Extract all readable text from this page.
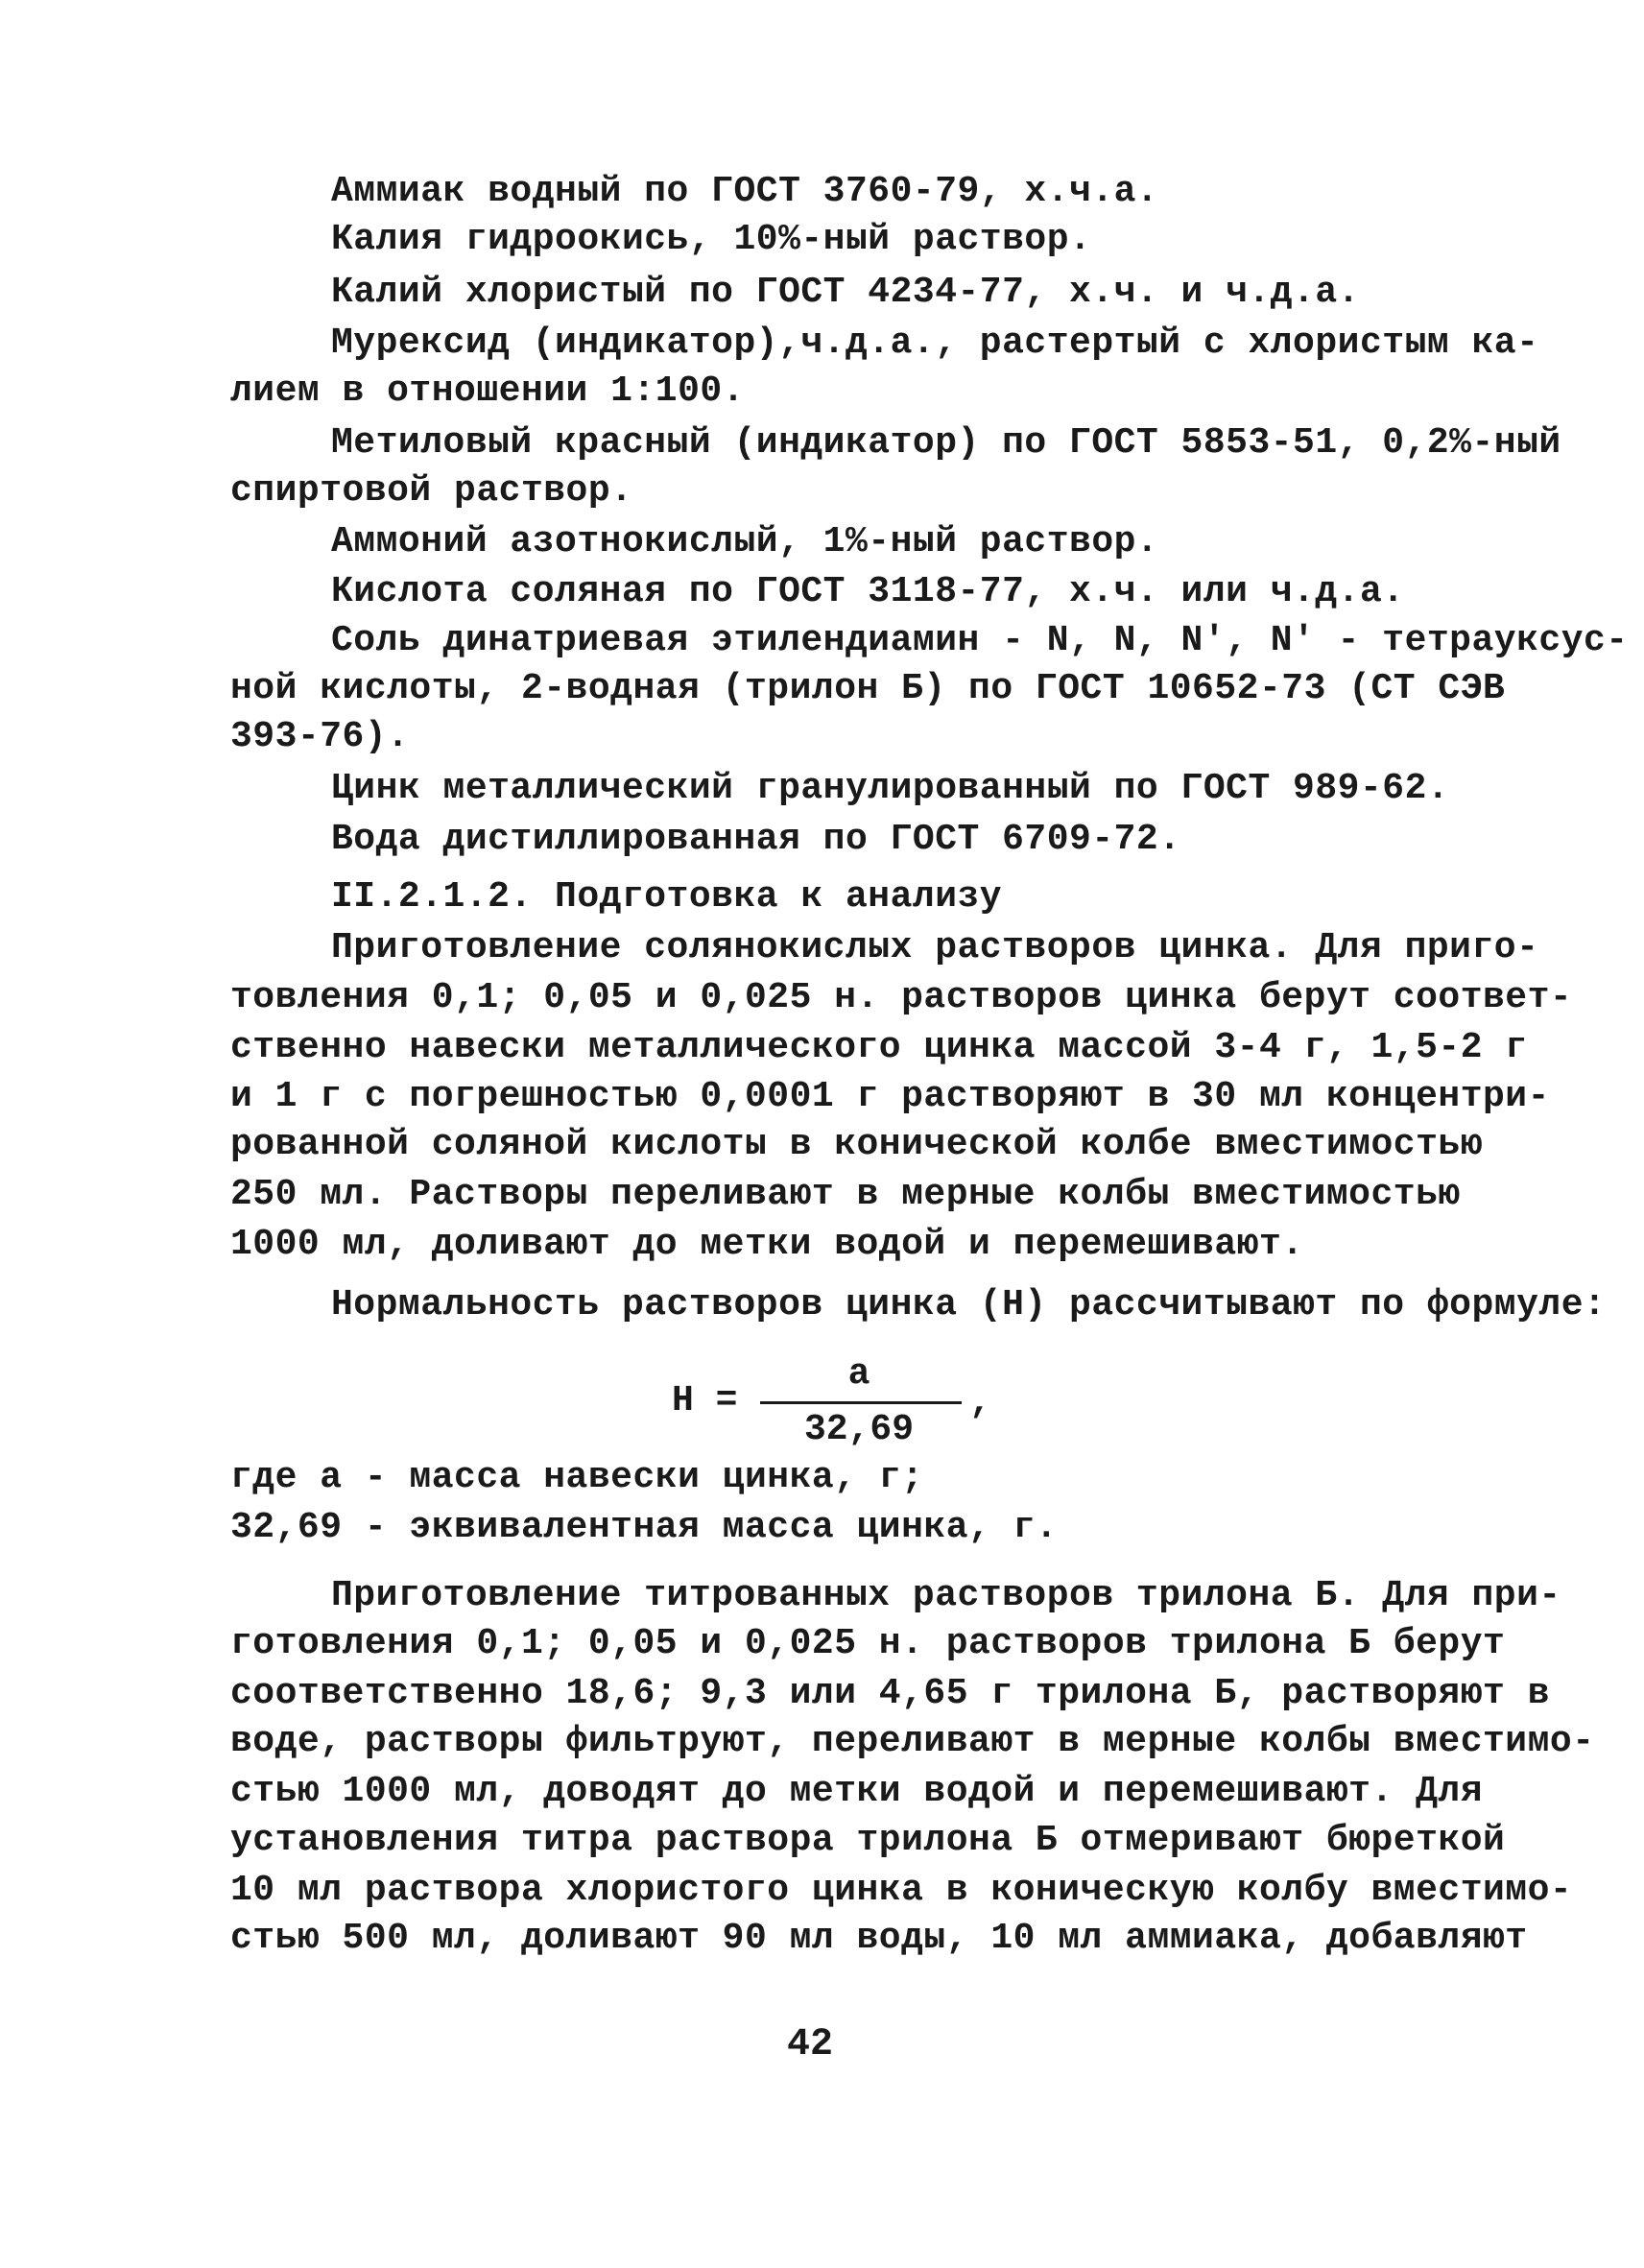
Аммиак водный по ГОСТ 3760-79, х.ч.а.

Калия гидроокись, 10%-ный раствор.

Калий хлористый по ГОСТ 4234-77, х.ч. и ч.д.а.

Мурексид (индикатор),ч.д.а., растертый с хлористым ка-

лием в отношении 1:100.

Метиловый красный (индикатор) по ГОСТ 5853-51, 0,2%-ный

спиртовой раствор.

Аммоний азотнокислый, 1%-ный раствор.

Кислота соляная по ГОСТ 3118-77, х.ч. или ч.д.а.

Соль динатриевая этилендиамин - N, N, N', N' - тетрауксус-

ной кислоты, 2-водная (трилон Б) по ГОСТ 10652-73 (СТ СЭВ

393-76).

Цинк металлический гранулированный по ГОСТ 989-62.

Вода дистиллированная по ГОСТ 6709-72.

II.2.1.2. Подготовка к анализу

Приготовление солянокислых растворов цинка. Для приго-

товления 0,1; 0,05 и 0,025 н. растворов цинка берут соответ-

ственно навески металлического цинка массой 3-4 г, 1,5-2 г

и 1 г с погрешностью 0,0001 г растворяют в 30 мл концентри-

рованной соляной кислоты в конической колбе вместимостью

250 мл. Растворы переливают в мерные колбы вместимостью

1000 мл, доливают до метки водой и перемешивают.

Нормальность растворов цинка (Н) рассчитывают по формуле:

Н =
а
32,69
,

где а - масса навески цинка, г;

32,69 - эквивалентная масса цинка, г.

Приготовление титрованных растворов трилона Б. Для при-

готовления 0,1; 0,05 и 0,025 н. растворов трилона Б берут

соответственно 18,6; 9,3 или 4,65 г трилона Б, растворяют в

воде, растворы фильтруют, переливают в мерные колбы вместимо-

стью 1000 мл, доводят до метки водой и перемешивают. Для

установления титра раствора трилона Б отмеривают бюреткой

10 мл раствора хлористого цинка в коническую колбу вместимо-

стью 500 мл, доливают 90 мл воды, 10 мл аммиака, добавляют

42
